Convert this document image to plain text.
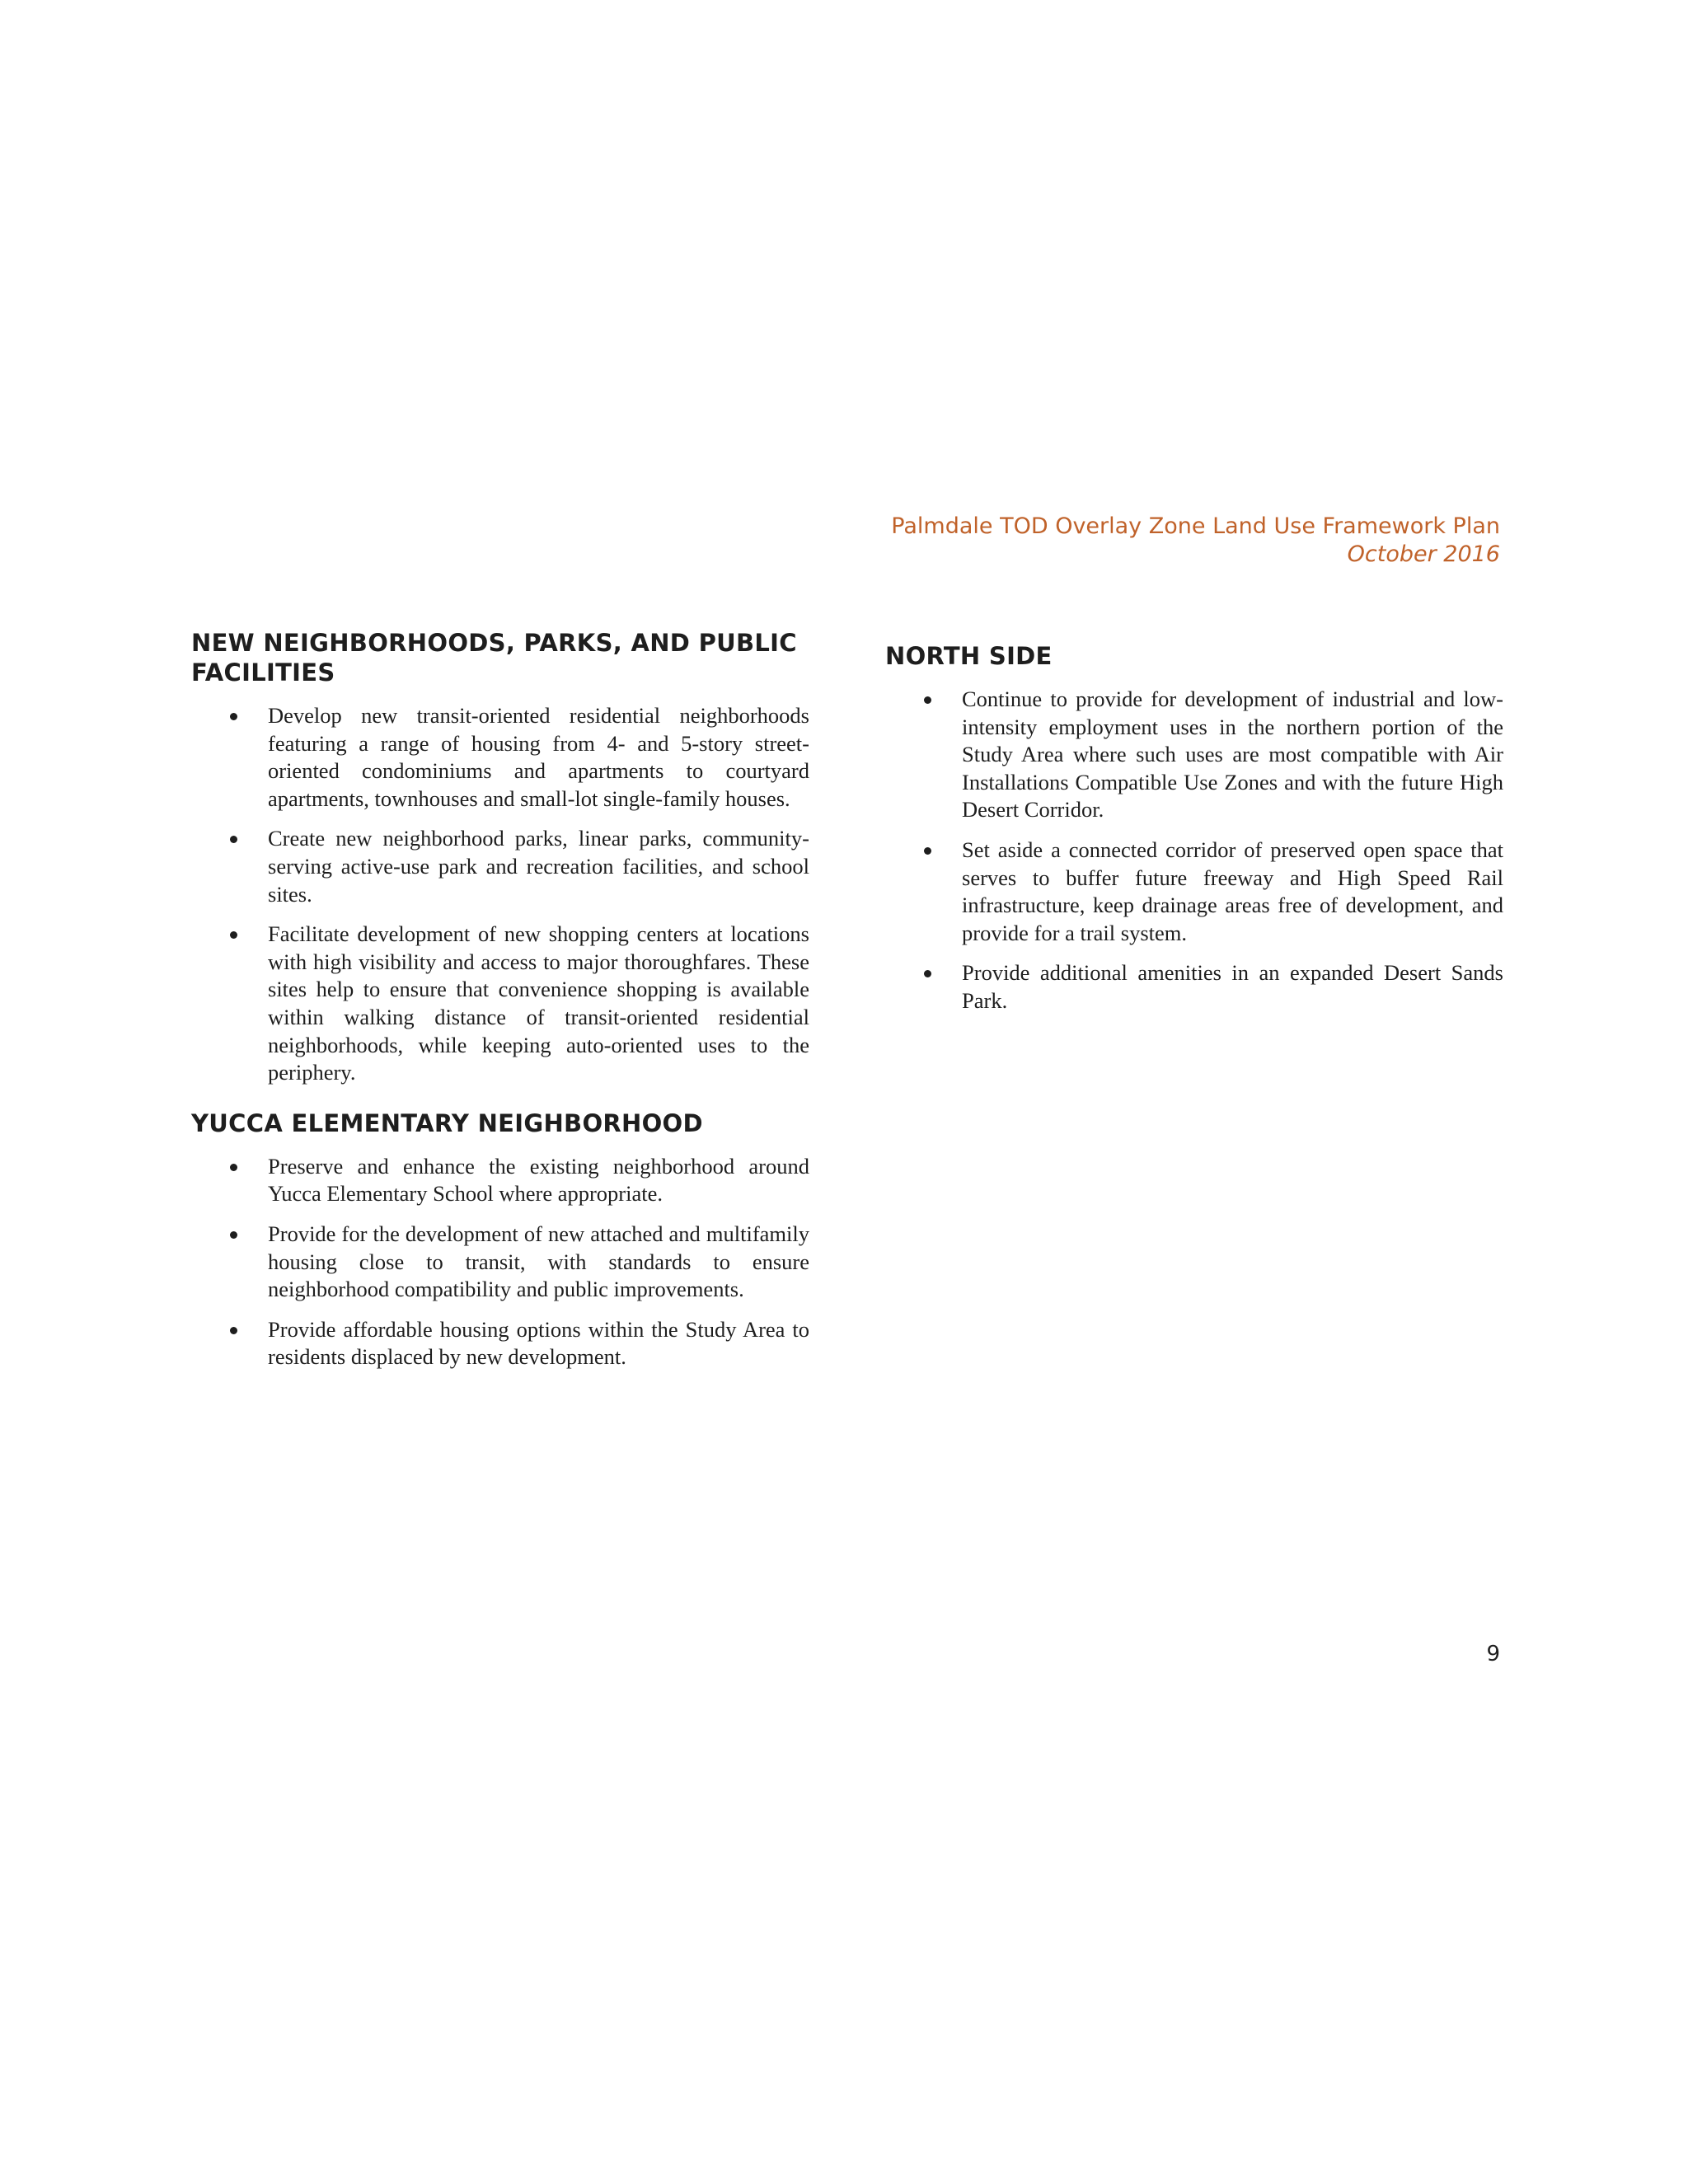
Palmdale TOD Overlay Zone Land Use Framework Plan
October 2016
NEW NEIGHBORHOODS, PARKS, AND PUBLIC FACILITIES
Develop new transit-oriented residential neighborhoods featuring a range of housing from 4- and 5-story street-oriented condominiums and apartments to courtyard apartments, townhouses and small-lot single-family houses.
Create new neighborhood parks, linear parks, community-serving active-use park and recreation facilities, and school sites.
Facilitate development of new shopping centers at locations with high visibility and access to major thoroughfares. These sites help to ensure that convenience shopping is available within walking distance of transit-oriented residential neighborhoods, while keeping auto-oriented uses to the periphery.
YUCCA ELEMENTARY NEIGHBORHOOD
Preserve and enhance the existing neighborhood around Yucca Elementary School where appropriate.
Provide for the development of new attached and multifamily housing close to transit, with standards to ensure neighborhood compatibility and public improvements.
Provide affordable housing options within the Study Area to residents displaced by new development.
NORTH SIDE
Continue to provide for development of industrial and low-intensity employment uses in the northern portion of the Study Area where such uses are most compatible with Air Installations Compatible Use Zones and with the future High Desert Corridor.
Set aside a connected corridor of preserved open space that serves to buffer future freeway and High Speed Rail infrastructure, keep drainage areas free of development, and provide for a trail system.
Provide additional amenities in an expanded Desert Sands Park.
9
